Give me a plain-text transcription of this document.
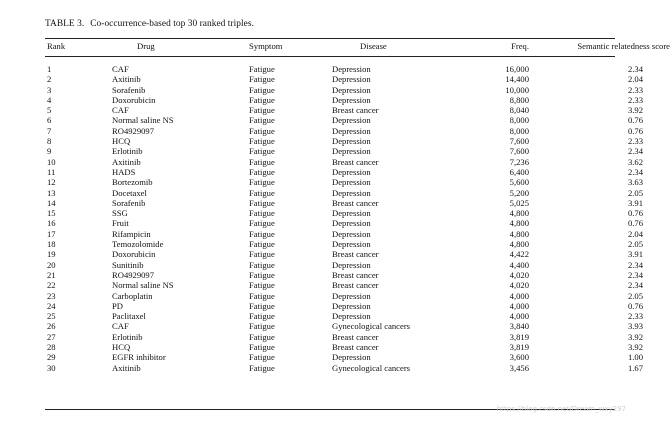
TABLE 3. Co-occurrence-based top 30 ranked triples.
Rank	Drug	Symptom	Disease	Freq.	Semantic relatedness score
1	CAF	Fatigue	Depression	16,000	2.34
2	Axitinib	Fatigue	Depression	14,400	2.04
3	Sorafenib	Fatigue	Depression	10,000	2.33
4	Doxorubicin	Fatigue	Depression	8,800	2.33
5	CAF	Fatigue	Breast cancer	8,040	3.92
6	Normal saline NS	Fatigue	Depression	8,000	0.76
7	RO4929097	Fatigue	Depression	8,000	0.76
8	HCQ	Fatigue	Depression	7,600	2.33
9	Erlotinib	Fatigue	Depression	7,600	2.34
10	Axitinib	Fatigue	Breast cancer	7,236	3.62
11	HADS	Fatigue	Depression	6,400	2.34
12	Bortezomib	Fatigue	Depression	5,600	3.63
13	Docetaxel	Fatigue	Depression	5,200	2.05
14	Sorafenib	Fatigue	Breast cancer	5,025	3.91
15	SSG	Fatigue	Depression	4,800	0.76
16	Fruit	Fatigue	Depression	4,800	0.76
17	Rifampicin	Fatigue	Depression	4,800	2.04
18	Temozolomide	Fatigue	Depression	4,800	2.05
19	Doxorubicin	Fatigue	Breast cancer	4,422	3.91
20	Sunitinib	Fatigue	Depression	4,400	2.34
21	RO4929097	Fatigue	Breast cancer	4,020	2.34
22	Normal saline NS	Fatigue	Breast cancer	4,020	2.34
23	Carboplatin	Fatigue	Depression	4,000	2.05
24	PD	Fatigue	Depression	4,000	0.76
25	Paclitaxel	Fatigue	Depression	4,000	2.33
26	CAF	Fatigue	Gynecological cancers	3,840	3.93
27	Erlotinib	Fatigue	Breast cancer	3,819	3.92
28	HCQ	Fatigue	Breast cancer	3,819	3.92
29	EGFR inhibitor	Fatigue	Depression	3,600	1.00
30	Axitinib	Fatigue	Gynecological cancers	3,456	1.67
https://blog.csdn.net/Dream_wxy297
